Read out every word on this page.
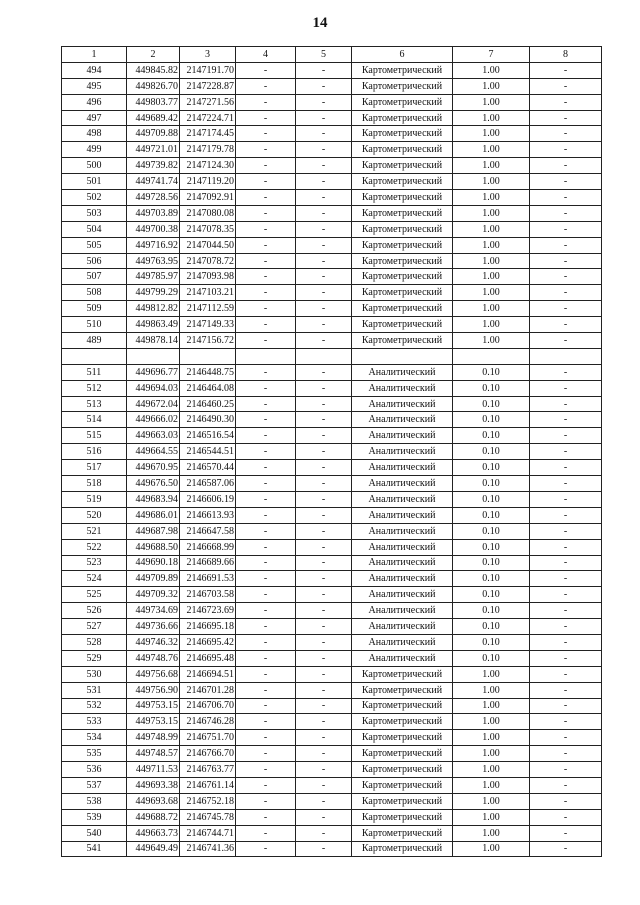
14
1	2	3	4	5	6	7	8
494	449845.82	2147191.70	-	-	Картометрический	1.00	-
495	449826.70	2147228.87	-	-	Картометрический	1.00	-
496	449803.77	2147271.56	-	-	Картометрический	1.00	-
497	449689.42	2147224.71	-	-	Картометрический	1.00	-
498	449709.88	2147174.45	-	-	Картометрический	1.00	-
499	449721.01	2147179.78	-	-	Картометрический	1.00	-
500	449739.82	2147124.30	-	-	Картометрический	1.00	-
501	449741.74	2147119.20	-	-	Картометрический	1.00	-
502	449728.56	2147092.91	-	-	Картометрический	1.00	-
503	449703.89	2147080.08	-	-	Картометрический	1.00	-
504	449700.38	2147078.35	-	-	Картометрический	1.00	-
505	449716.92	2147044.50	-	-	Картометрический	1.00	-
506	449763.95	2147078.72	-	-	Картометрический	1.00	-
507	449785.97	2147093.98	-	-	Картометрический	1.00	-
508	449799.29	2147103.21	-	-	Картометрический	1.00	-
509	449812.82	2147112.59	-	-	Картометрический	1.00	-
510	449863.49	2147149.33	-	-	Картометрический	1.00	-
489	449878.14	2147156.72	-	-	Картометрический	1.00	-

511	449696.77	2146448.75	-	-	Аналитический	0.10	-
512	449694.03	2146464.08	-	-	Аналитический	0.10	-
513	449672.04	2146460.25	-	-	Аналитический	0.10	-
514	449666.02	2146490.30	-	-	Аналитический	0.10	-
515	449663.03	2146516.54	-	-	Аналитический	0.10	-
516	449664.55	2146544.51	-	-	Аналитический	0.10	-
517	449670.95	2146570.44	-	-	Аналитический	0.10	-
518	449676.50	2146587.06	-	-	Аналитический	0.10	-
519	449683.94	2146606.19	-	-	Аналитический	0.10	-
520	449686.01	2146613.93	-	-	Аналитический	0.10	-
521	449687.98	2146647.58	-	-	Аналитический	0.10	-
522	449688.50	2146668.99	-	-	Аналитический	0.10	-
523	449690.18	2146689.66	-	-	Аналитический	0.10	-
524	449709.89	2146691.53	-	-	Аналитический	0.10	-
525	449709.32	2146703.58	-	-	Аналитический	0.10	-
526	449734.69	2146723.69	-	-	Аналитический	0.10	-
527	449736.66	2146695.18	-	-	Аналитический	0.10	-
528	449746.32	2146695.42	-	-	Аналитический	0.10	-
529	449748.76	2146695.48	-	-	Аналитический	0.10	-
530	449756.68	2146694.51	-	-	Картометрический	1.00	-
531	449756.90	2146701.28	-	-	Картометрический	1.00	-
532	449753.15	2146706.70	-	-	Картометрический	1.00	-
533	449753.15	2146746.28	-	-	Картометрический	1.00	-
534	449748.99	2146751.70	-	-	Картометрический	1.00	-
535	449748.57	2146766.70	-	-	Картометрический	1.00	-
536	449711.53	2146763.77	-	-	Картометрический	1.00	-
537	449693.38	2146761.14	-	-	Картометрический	1.00	-
538	449693.68	2146752.18	-	-	Картометрический	1.00	-
539	449688.72	2146745.78	-	-	Картометрический	1.00	-
540	449663.73	2146744.71	-	-	Картометрический	1.00	-
541	449649.49	2146741.36	-	-	Картометрический	1.00	-
